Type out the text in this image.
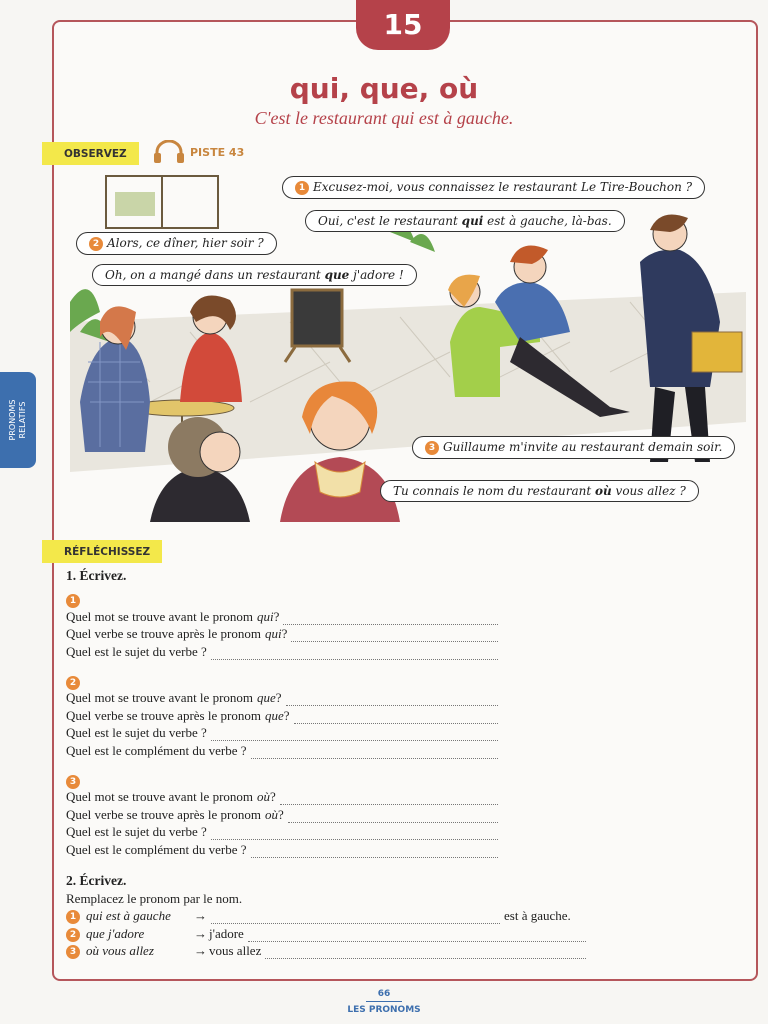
15
qui, que, où
C'est le restaurant qui est à gauche.
OBSERVEZ	PISTE 43
PRONOMS
RELATIFS
1 Excusez-moi, vous connaissez le restaurant Le Tire-Bouchon ?
Oui, c'est le restaurant qui est à gauche, là-bas.
2 Alors, ce dîner, hier soir ?
Oh, on a mangé dans un restaurant que j'adore !
3 Guillaume m'invite au restaurant demain soir.
Tu connais le nom du restaurant où vous allez ?
RÉFLÉCHISSEZ
1. Écrivez.
1
Quel mot se trouve avant le pronom qui ?
Quel verbe se trouve après le pronom qui ?
Quel est le sujet du verbe ?
2
Quel mot se trouve avant le pronom que ?
Quel verbe se trouve après le pronom que ?
Quel est le sujet du verbe ?
Quel est le complément du verbe ?
3
Quel mot se trouve avant le pronom où ?
Quel verbe se trouve après le pronom où ?
Quel est le sujet du verbe ?
Quel est le complément du verbe ?
2. Écrivez.
Remplacez le pronom par le nom.
1 qui est à gauche	→	est à gauche.
2 que j'adore	→ j'adore
3 où vous allez	→ vous allez
66
LES PRONOMS
